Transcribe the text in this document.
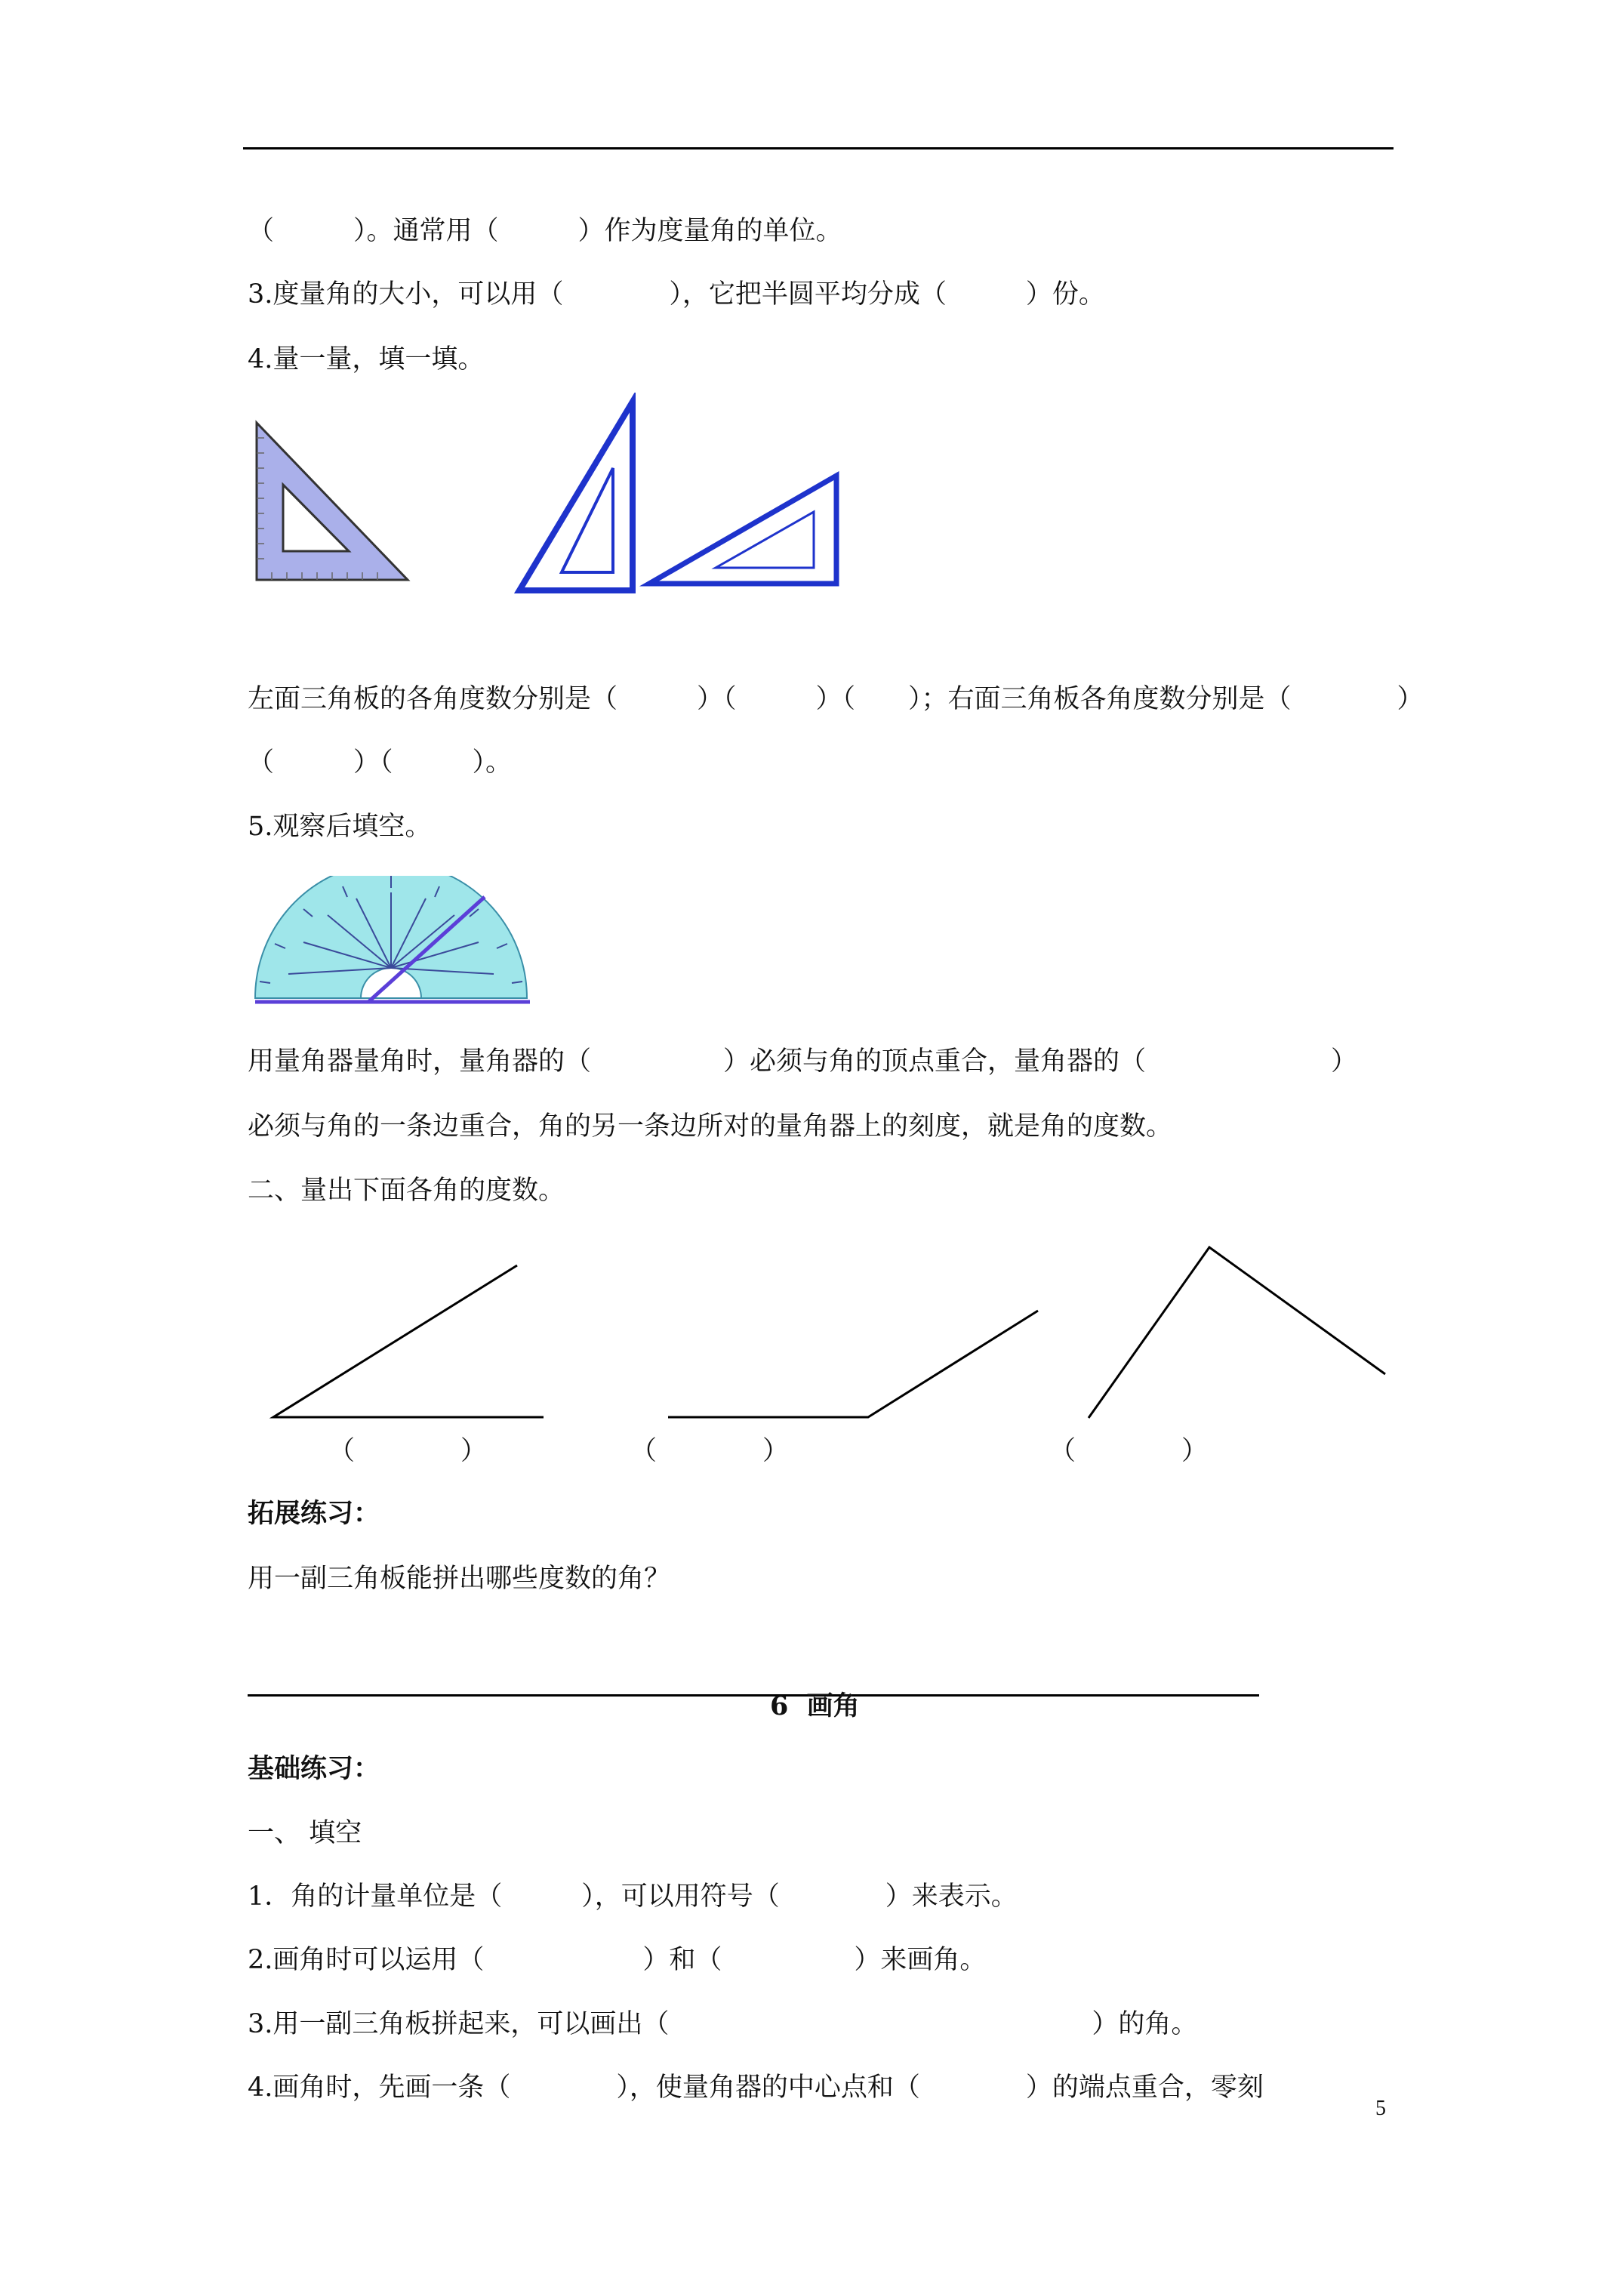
（　　　）。通常用（　　　）作为度量角的单位。
3.度量角的大小，可以用（　　　　），它把半圆平均分成（　　　）份。
4.量一量，填一填。
左面三角板的各角度数分别是（　　　）（　　　）（　　）；右面三角板各角度数分别是（　　　　）
（　　　）（　　　）。
5.观察后填空。
用量角器量角时，量角器的（　　　　　）必须与角的顶点重合，量角器的（　　　　　　　）
必须与角的一条边重合，角的另一条边所对的量角器上的刻度，就是角的度数。
二、量出下面各角的度数。
（　　　　）	（　　　　）	（　　　　）
拓展练习：
用一副三角板能拼出哪些度数的角？
6  画角
基础练习：
一、 填空
1．角的计量单位是（　　　），可以用符号（　　　　）来表示。
2.画角时可以运用（　　　　　　）和（　　　　　）来画角。
3.用一副三角板拼起来，可以画出（　　　　　　　　　　　　　　　　）的角。
4.画角时，先画一条（　　　　），使量角器的中心点和（　　　　）的端点重合，零刻
5
